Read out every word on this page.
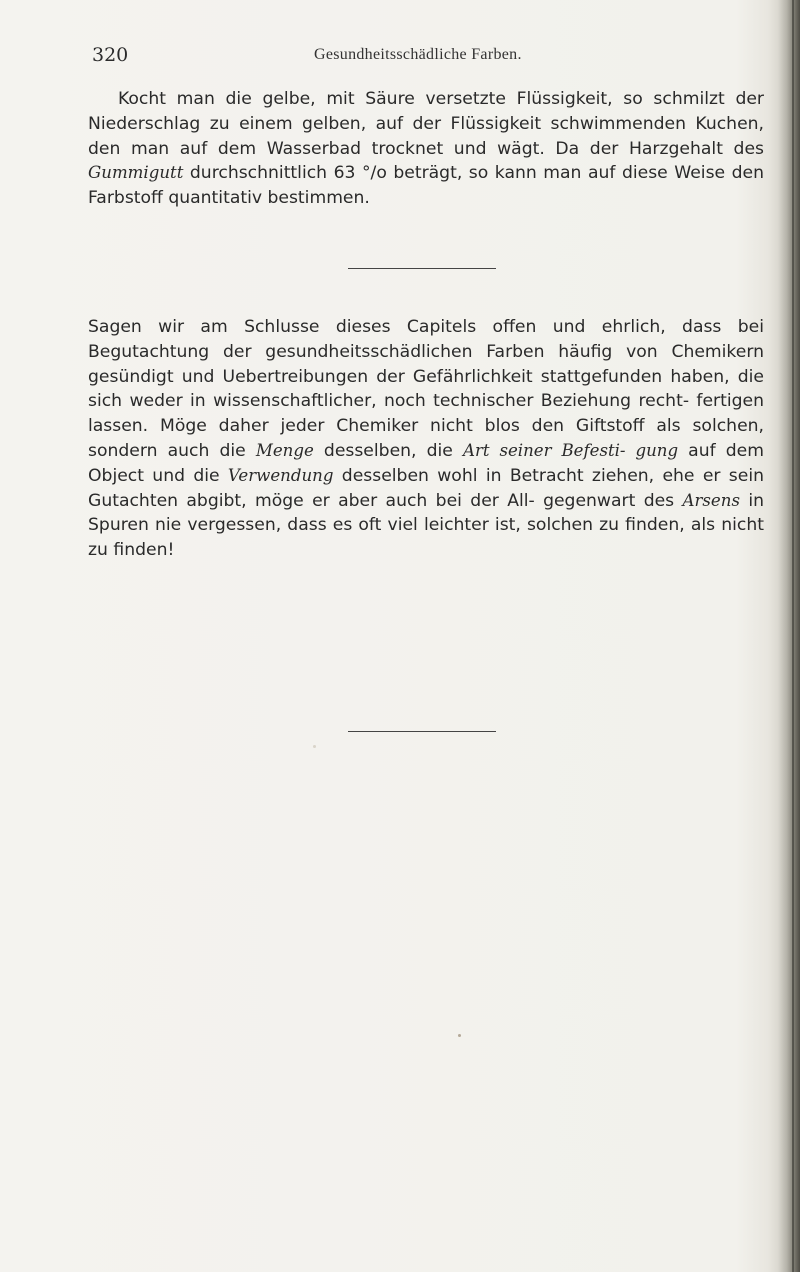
320	Gesundheitsschädliche Farben.

Kocht man die gelbe, mit Säure versetzte Flüssigkeit, so schmilzt der Niederschlag zu einem gelben, auf der Flüssigkeit schwimmenden Kuchen, den man auf dem Wasserbad trocknet und wägt. Da der Harzgehalt des Gummigutt durchschnittlich 63 °/o beträgt, so kann man auf diese Weise den Farbstoff quantitativ bestimmen.

Sagen wir am Schlusse dieses Capitels offen und ehrlich, dass bei Begutachtung der gesundheitsschädlichen Farben häufig von Chemikern gesündigt und Uebertreibungen der Gefährlichkeit stattgefunden haben, die sich weder in wissenschaftlicher, noch technischer Beziehung recht- fertigen lassen. Möge daher jeder Chemiker nicht blos den Giftstoff als solchen, sondern auch die Menge desselben, die Art seiner Befesti- gung auf dem Object und die Verwendung desselben wohl in Betracht ziehen, ehe er sein Gutachten abgibt, möge er aber auch bei der All- gegenwart des Arsens in Spuren nie vergessen, dass es oft viel leichter ist, solchen zu finden, als nicht zu finden!
